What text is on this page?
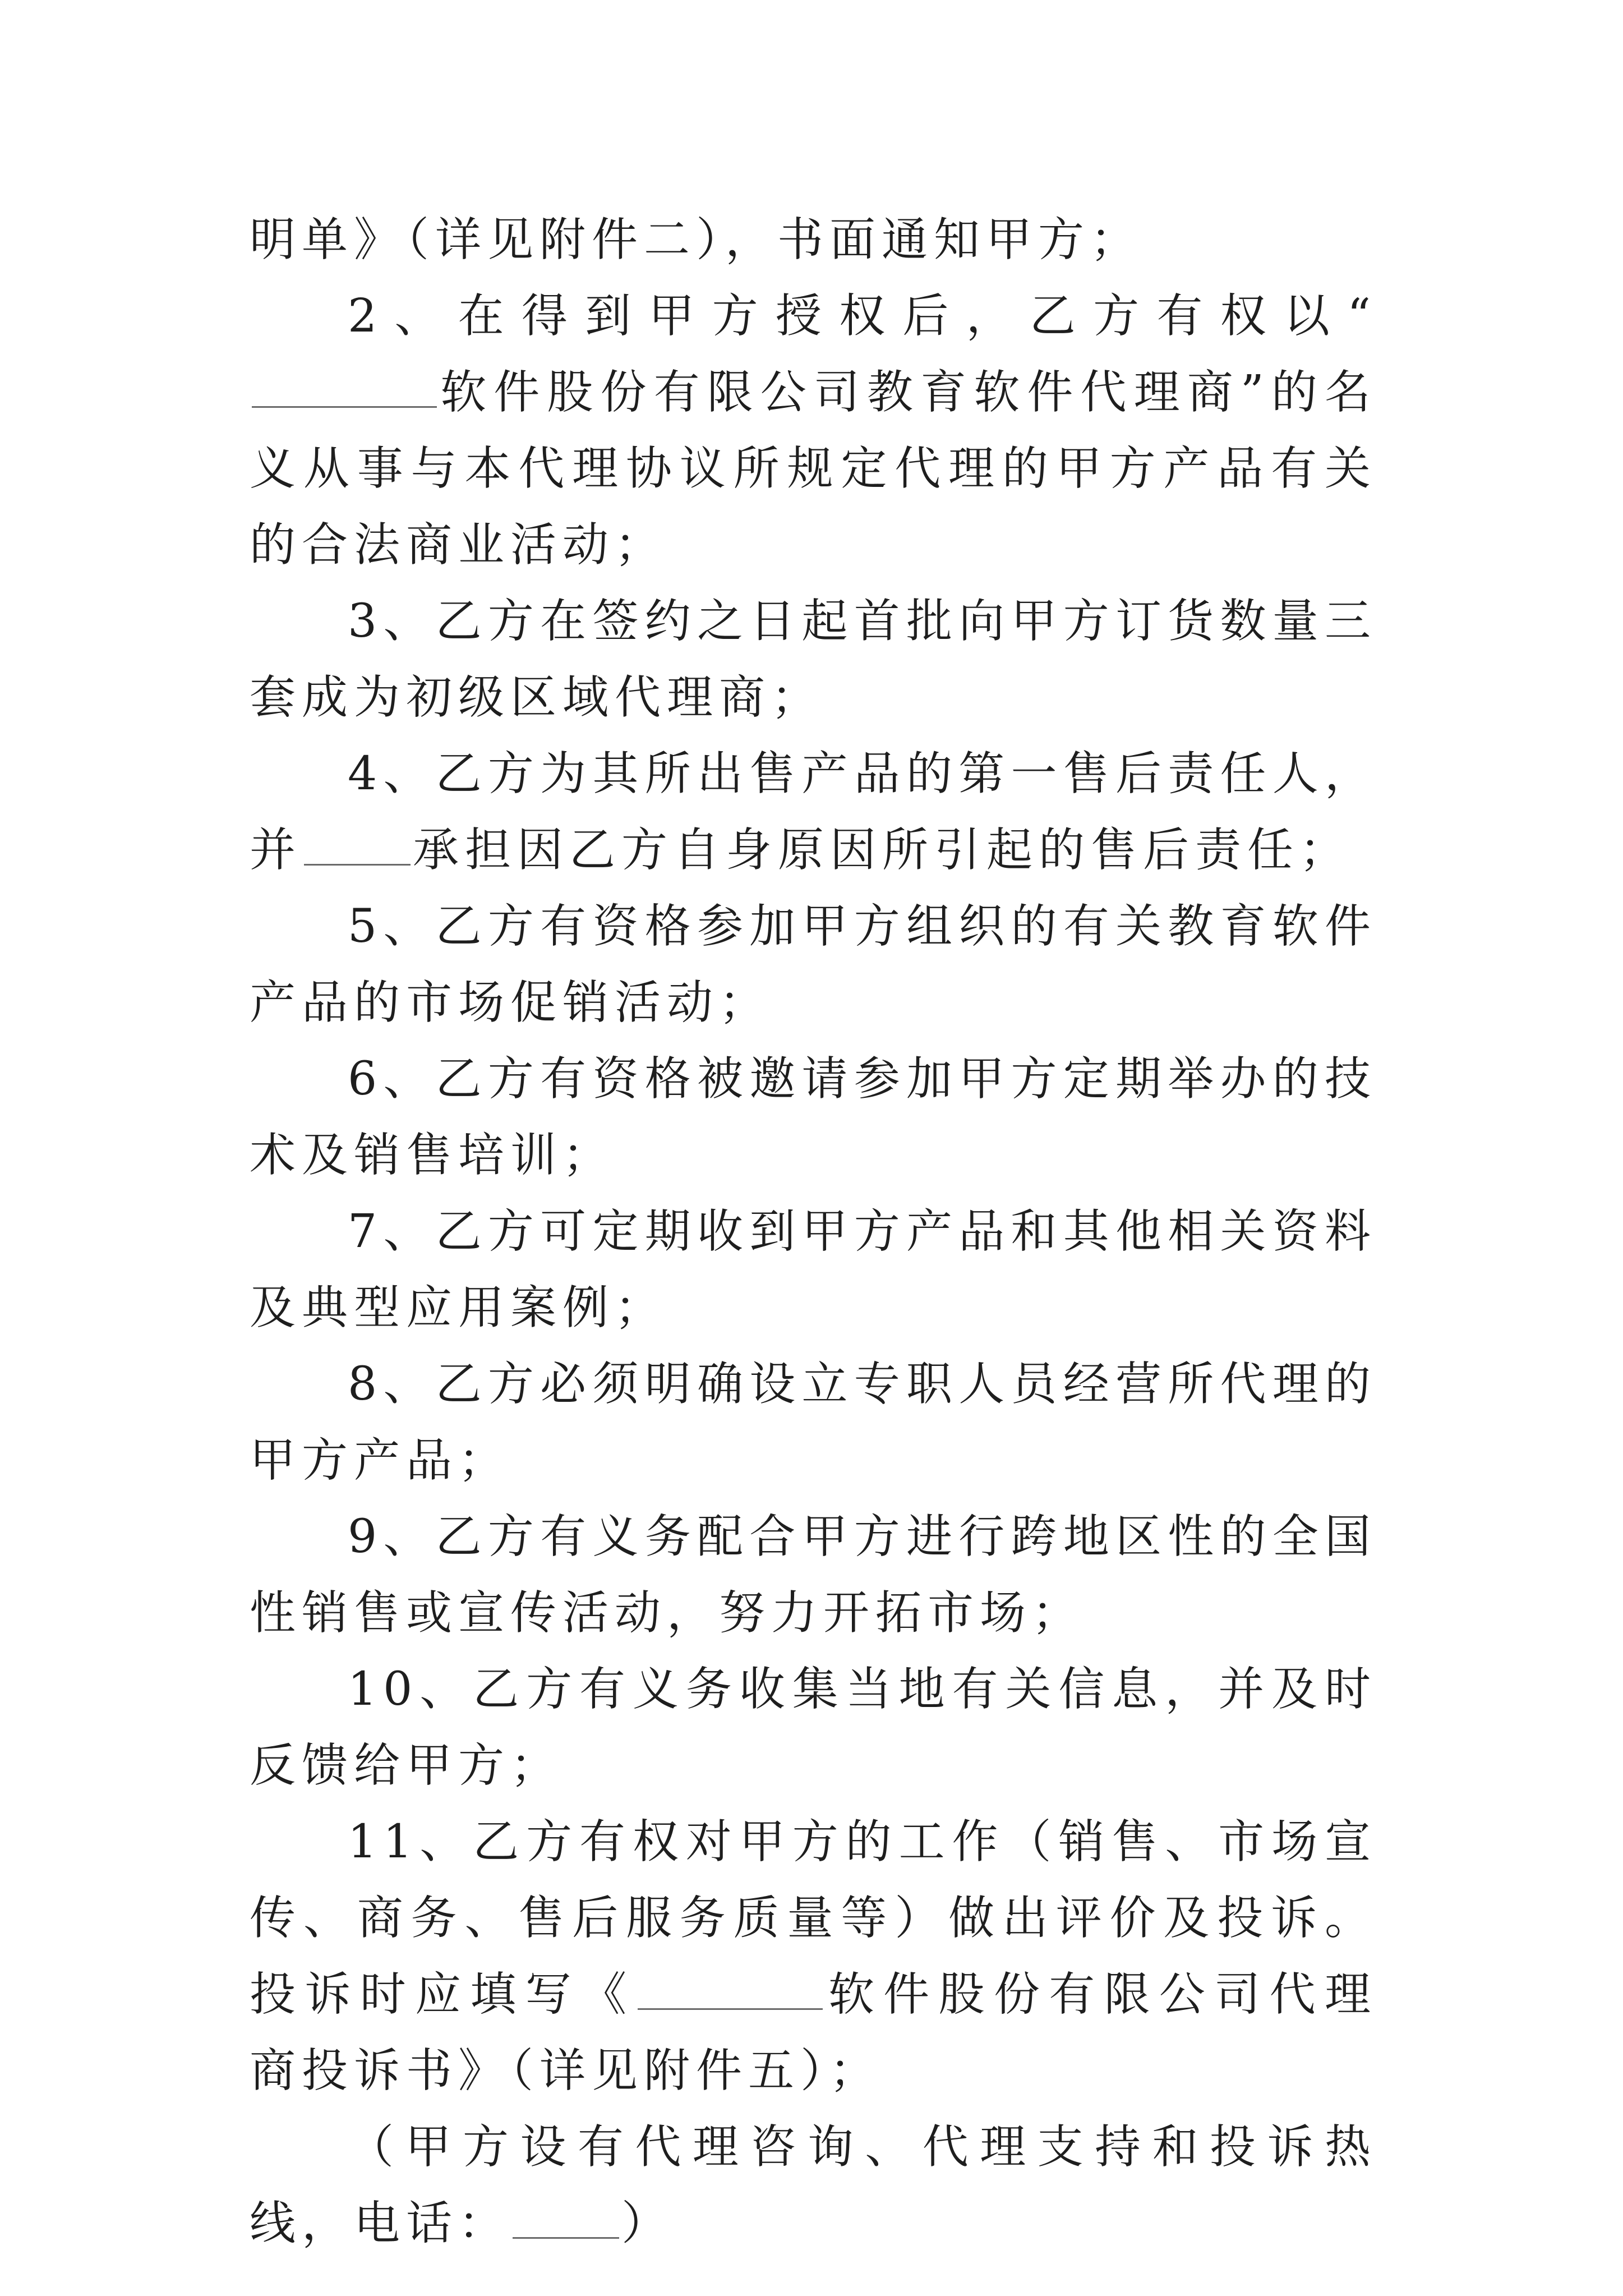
明单》（详见附件二），书面通知甲方；

2、在得到甲方授权后，乙方有权以“软件股份有限公司教育软件代理商”的名义从事与本代理协议所规定代理的甲方产品有关的合法商业活动；

3、乙方在签约之日起首批向甲方订货数量三套成为初级区域代理商；

4、乙方为其所出售产品的第一售后责任人，并 承担因乙方自身原因所引起的售后责任；

5、乙方有资格参加甲方组织的有关教育软件产品的市场促销活动；

6、乙方有资格被邀请参加甲方定期举办的技术及销售培训；

7、乙方可定期收到甲方产品和其他相关资料及典型应用案例；

8、乙方必须明确设立专职人员经营所代理的甲方产品；

9、乙方有义务配合甲方进行跨地区性的全国性销售或宣传活动，努力开拓市场；

10、乙方有义务收集当地有关信息，并及时反馈给甲方；

11、乙方有权对甲方的工作（销售、市场宣传、商务、售后服务质量等）做出评价及投诉。投诉时应填写《	软件股份有限公司代理商投诉书》（详见附件五）；

（甲方设有代理咨询、代理支持和投诉热线，电话： ）
